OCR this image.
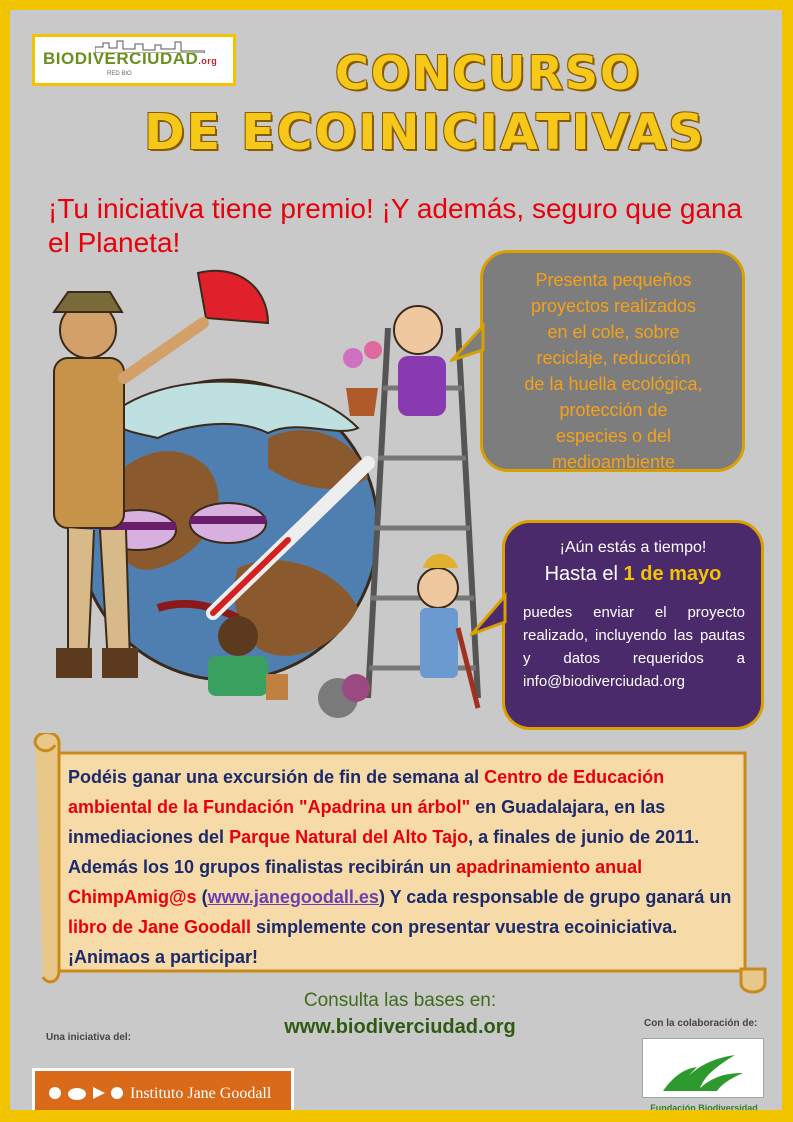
BIODIVERCIUDAD.org
RED BIO	CONCURSO
DE ECOINICIATIVAS
¡Tu iniciativa tiene premio! ¡Y además, seguro que gana el Planeta!
Presenta pequeños
proyectos realizados
en el cole, sobre
reciclaje, reducción
de la huella ecológica,
protección de
especies o del
medioambiente
¡Aún estás a tiempo!
Hasta el 1 de mayo
puedes enviar el proyecto realizado, incluyendo las pautas y datos requeridos a info@biodiverciudad.org
Podéis ganar una excursión de fin de semana al Centro de Educación ambiental de la Fundación "Apadrina un árbol" en Guadalajara, en las inmediaciones del Parque Natural del Alto Tajo, a finales de junio de 2011. Además los 10 grupos finalistas recibirán un apadrinamiento anual ChimpAmig@s (www.janegoodall.es) Y cada responsable de grupo ganará un libro de Jane Goodall simplemente con presentar vuestra ecoiniciativa. ¡Animaos a participar!
Consulta las bases en:
www.biodiverciudad.org
Una iniciativa del:
Instituto Jane Goodall
Con la colaboración de:
Fundación Biodiversidad
